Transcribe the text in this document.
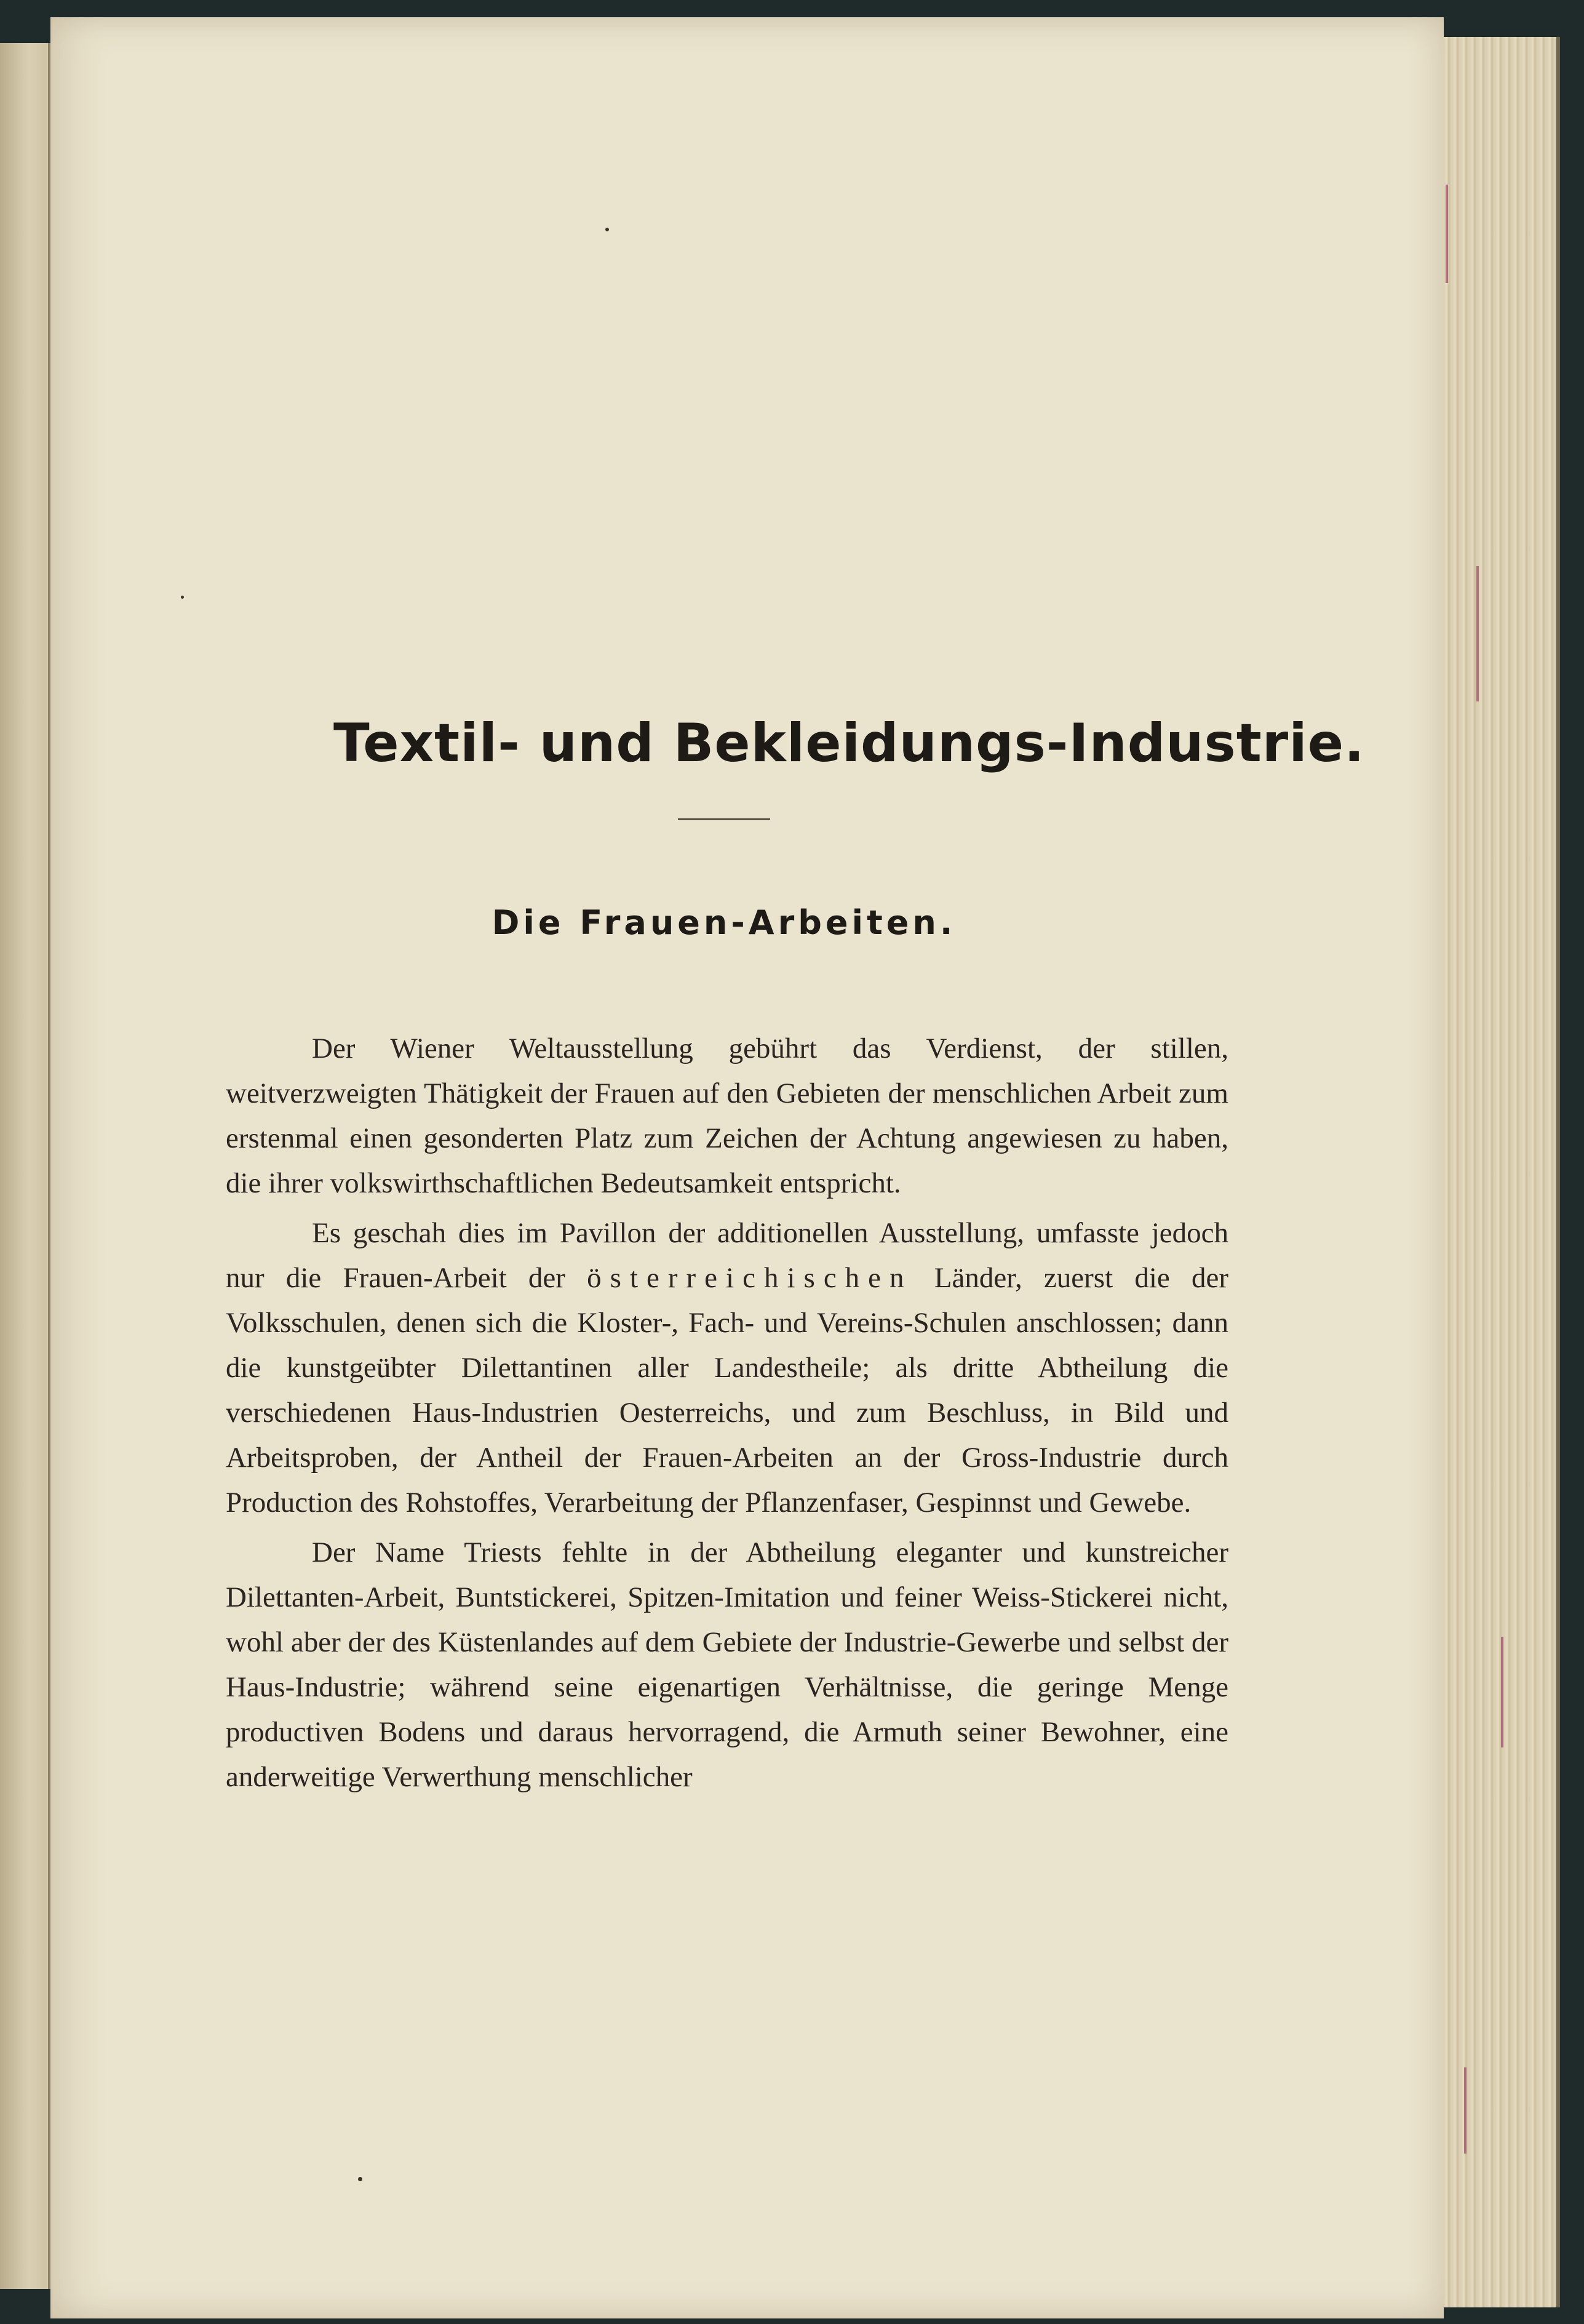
Textil- und Bekleidungs-Industrie.
Die Frauen-Arbeiten.

Der Wiener Weltausstellung gebührt das Verdienst, der stillen, weitverzweigten Thätigkeit der Frauen auf den Gebieten der menschlichen Arbeit zum erstenmal einen gesonderten Platz zum Zeichen der Achtung angewiesen zu haben, die ihrer volkswirthschaftlichen Bedeutsamkeit entspricht.

Es geschah dies im Pavillon der additionellen Ausstellung, umfasste jedoch nur die Frauen-Arbeit der österreichischen Länder, zuerst die der Volksschulen, denen sich die Kloster-, Fach- und Vereins-Schulen anschlossen; dann die kunstgeübter Dilettantinen aller Landestheile; als dritte Abtheilung die verschiedenen Haus-Industrien Oesterreichs, und zum Beschluss, in Bild und Arbeitsproben, der Antheil der Frauen-Arbeiten an der Gross-Industrie durch Production des Rohstoffes, Verarbeitung der Pflanzenfaser, Gespinnst und Gewebe.

Der Name Triests fehlte in der Abtheilung eleganter und kunstreicher Dilettanten-Arbeit, Buntstickerei, Spitzen-Imitation und feiner Weiss-Stickerei nicht, wohl aber der des Küstenlandes auf dem Gebiete der Industrie-Gewerbe und selbst der Haus-Industrie; während seine eigenartigen Verhältnisse, die geringe Menge productiven Bodens und daraus hervorragend, die Armuth seiner Bewohner, eine anderweitige Verwerthung menschlicher
